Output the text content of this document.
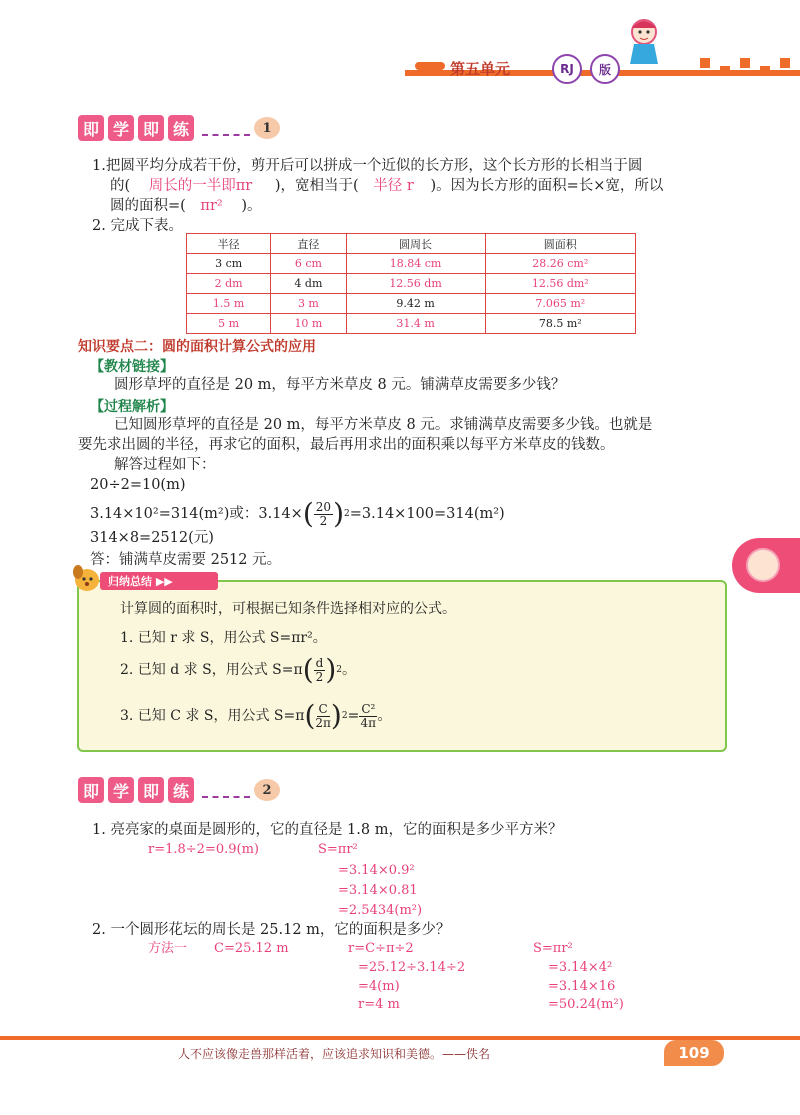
第五单元	RJ	版
即 学 即 练	1
1.把圆平均分成若干份，剪开后可以拼成一个近似的长方形，这个长方形的长相当于圆
的( 周长的一半即πr )，宽相当于( 半径 r )。因为长方形的面积=长×宽，所以
圆的面积=( πr² )。
2. 完成下表。
半径	直径	圆周长	圆面积
3 cm	6 cm	18.84 cm	28.26 cm²
2 dm	4 dm	12.56 dm	12.56 dm²
1.5 m	3 m	9.42 m	7.065 m²
5 m	10 m	31.4 m	78.5 m²
知识要点二：圆的面积计算公式的应用
【教材链接】
圆形草坪的直径是 20 m，每平方米草皮 8 元。铺满草皮需要多少钱？
【过程解析】
已知圆形草坪的直径是 20 m，每平方米草皮 8 元。求铺满草皮需要多少钱。也就是
要先求出圆的半径，再求它的面积，最后再用求出的面积乘以每平方米草皮的钱数。
解答过程如下：
20÷2=10(m)
3.14×10²=314(m²)或：3.14× ( $\frac{20}{2}$ ) 2 =3.14×100=314(m²)
314×8=2512(元)
答：铺满草皮需要 2512 元。
归纳总结 ▶▶
计算圆的面积时，可根据已知条件选择相对应的公式。
1. 已知 r 求 S，用公式 S=πr²。
2. 已知 d 求 S，用公式 S=π ( $\frac{d}{2}$ ) 2 。
3. 已知 C 求 S，用公式 S=π ( $\frac{C}{2\pi}$ ) $2 = \frac{\text{C²}}{4\pi}$ 。
即 学 即 练	2
1. 亮亮家的桌面是圆形的，它的直径是 1.8 m，它的面积是多少平方米？
r=1.8÷2=0.9(m)	S=πr²
=3.14×0.9²
=3.14×0.81
=2.5434(m²)
2. 一个圆形花坛的周长是 25.12 m，它的面积是多少？
方法一 C=25.12 m	r=C÷π÷2
=25.12÷3.14÷2
=4(m)
r=4 m
S=πr²
=3.14×4²
=3.14×16
=50.24(m²)
人不应该像走兽那样活着，应该追求知识和美德。——佚名	109
